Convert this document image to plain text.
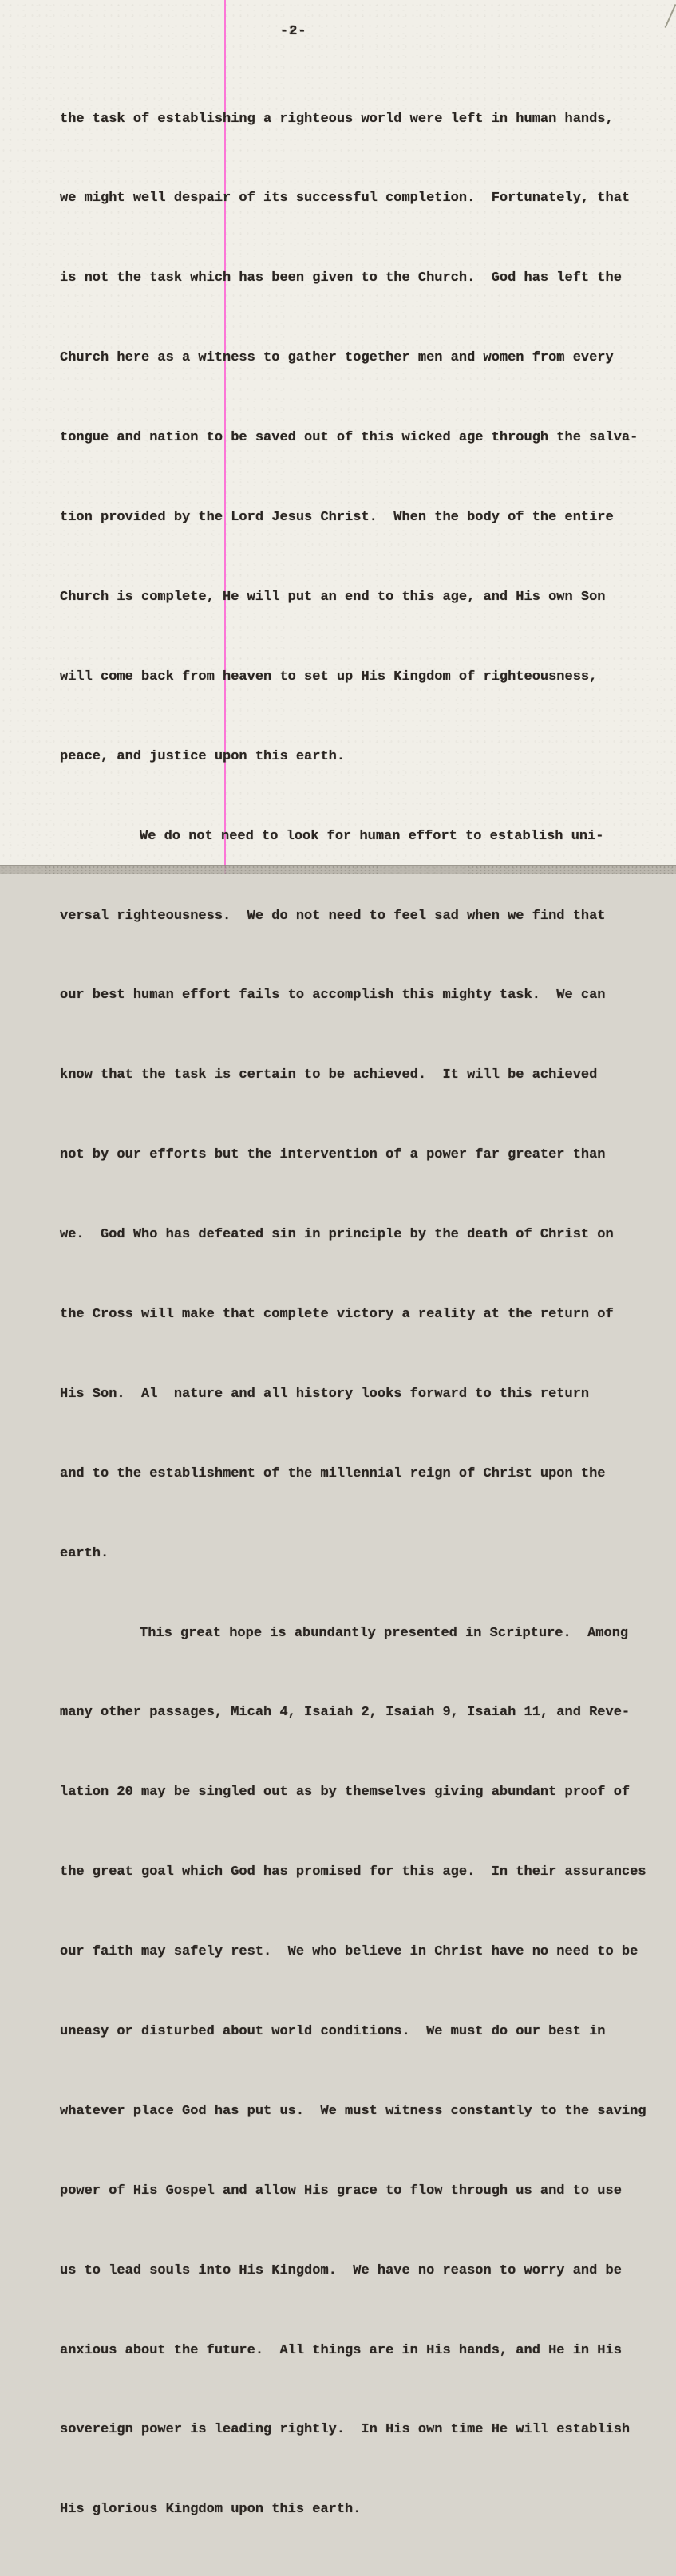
-2-

the task of establishing a righteous world were left in human hands,

we might well despair of its successful completion.  Fortunately, that

is not the task which has been given to the Church.  God has left the

Church here as a witness to gather together men and women from every

tongue and nation to be saved out of this wicked age through the salva-

tion provided by the Lord Jesus Christ.  When the body of the entire

Church is complete, He will put an end to this age, and His own Son

will come back from heaven to set up His Kingdom of righteousness,

peace, and justice upon this earth.

We do not need to look for human effort to establish uni-

versal righteousness.  We do not need to feel sad when we find that

our best human effort fails to accomplish this mighty task.  We can

know that the task is certain to be achieved.  It will be achieved

not by our efforts but the intervention of a power far greater than

we.  God Who has defeated sin in principle by the death of Christ on

the Cross will make that complete victory a reality at the return of

His Son.  Al  nature and all history looks forward to this return

and to the establishment of the millennial reign of Christ upon the

earth.

This great hope is abundantly presented in Scripture.  Among

many other passages, Micah 4, Isaiah 2, Isaiah 9, Isaiah 11, and Reve-

lation 20 may be singled out as by themselves giving abundant proof of

the great goal which God has promised for this age.  In their assurances

our faith may safely rest.  We who believe in Christ have no need to be

uneasy or disturbed about world conditions.  We must do our best in

whatever place God has put us.  We must witness constantly to the saving

power of His Gospel and allow His grace to flow through us and to use

us to lead souls into His Kingdom.  We have no reason to worry and be

anxious about the future.  All things are in His hands, and He in His

sovereign power is leading rightly.  In His own time He will establish

His glorious Kingdom upon this earth.
